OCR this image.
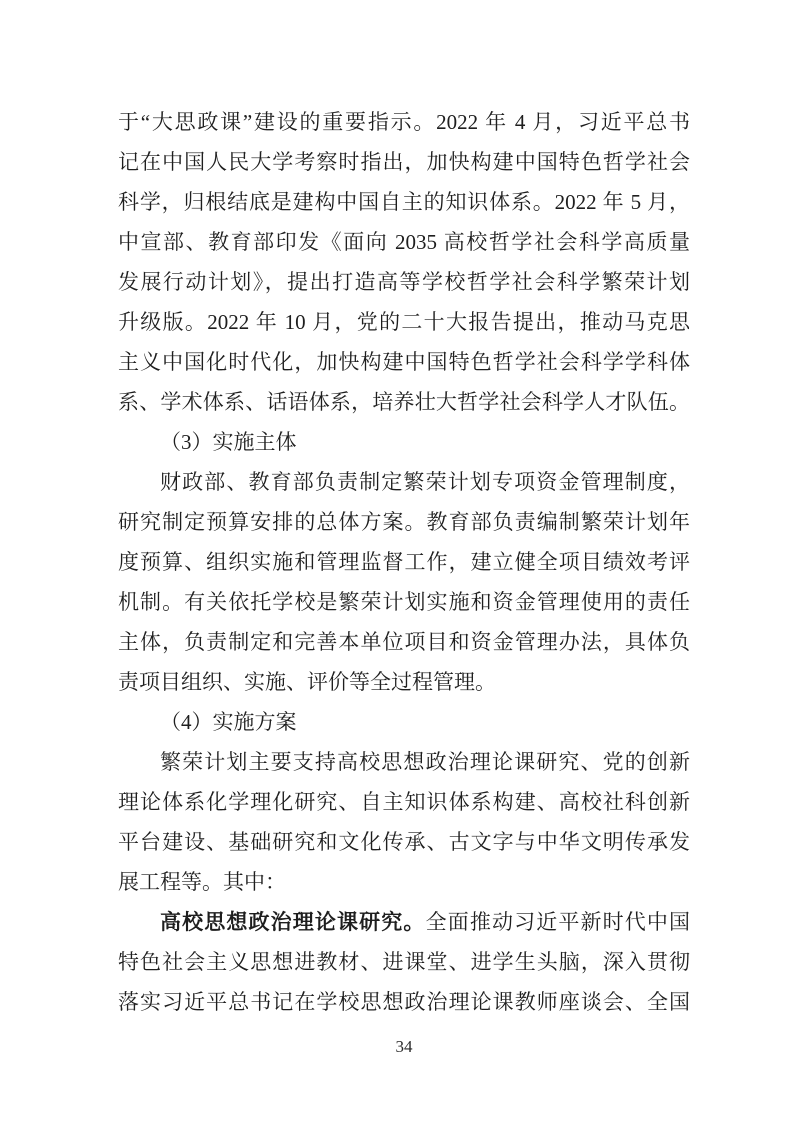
于“大思政课”建设的重要指示。2022 年 4 月，习近平总书
记在中国人民大学考察时指出，加快构建中国特色哲学社会
科学，归根结底是建构中国自主的知识体系。2022 年 5 月，
中宣部、教育部印发《面向 2035 高校哲学社会科学高质量
发展行动计划》，提出打造高等学校哲学社会科学繁荣计划
升级版。2022 年 10 月，党的二十大报告提出，推动马克思
主义中国化时代化，加快构建中国特色哲学社会科学学科体
系、学术体系、话语体系，培养壮大哲学社会科学人才队伍。
（3）实施主体
财政部、教育部负责制定繁荣计划专项资金管理制度，
研究制定预算安排的总体方案。教育部负责编制繁荣计划年
度预算、组织实施和管理监督工作，建立健全项目绩效考评
机制。有关依托学校是繁荣计划实施和资金管理使用的责任
主体，负责制定和完善本单位项目和资金管理办法，具体负
责项目组织、实施、评价等全过程管理。
（4）实施方案
繁荣计划主要支持高校思想政治理论课研究、党的创新
理论体系化学理化研究、自主知识体系构建、高校社科创新
平台建设、基础研究和文化传承、古文字与中华文明传承发
展工程等。其中：
高校思想政治理论课研究。全面推动习近平新时代中国
特色社会主义思想进教材、进课堂、进学生头脑，深入贯彻
落实习近平总书记在学校思想政治理论课教师座谈会、全国
34
